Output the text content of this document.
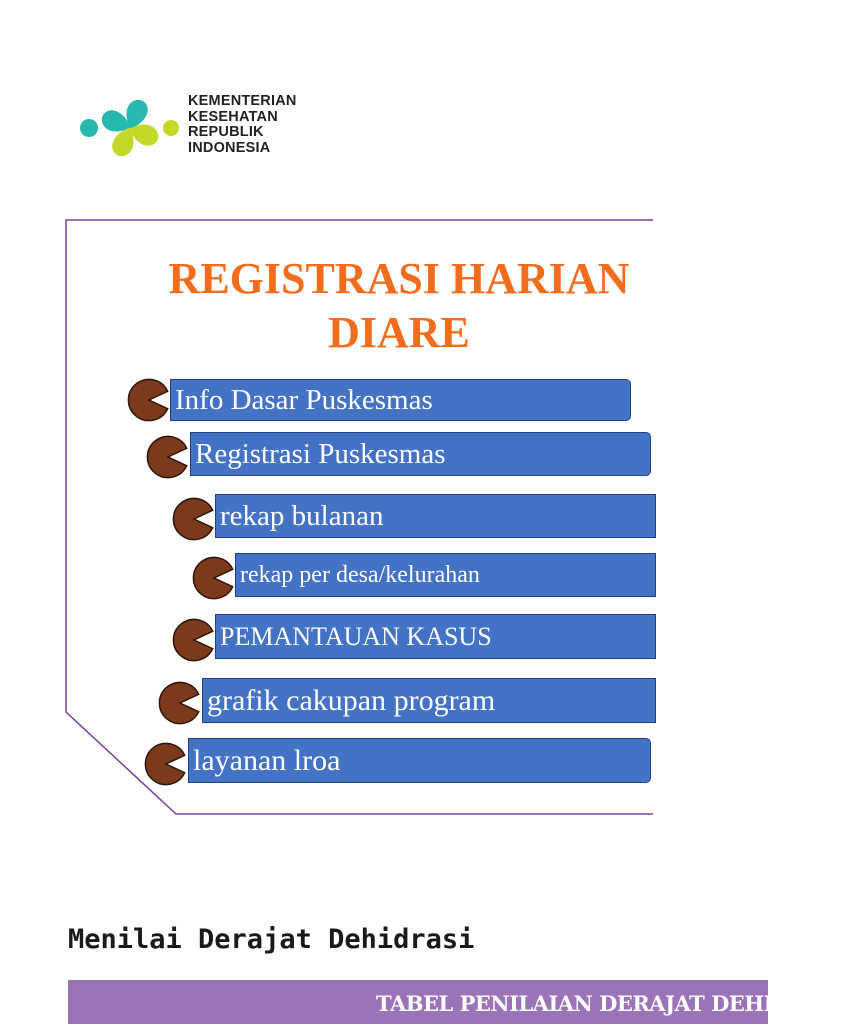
KEMENTERIAN
KESEHATAN
REPUBLIK
INDONESIA

REGISTRASI HARIAN
DIARE
Info Dasar Puskesmas
Registrasi Puskesmas
rekap bulanan
rekap per desa/kelurahan
PEMANTAUAN KASUS
grafik cakupan program
layanan lroa
Menilai Derajat Dehidrasi

TABEL PENILAIAN DERAJAT DEHIDRASI
